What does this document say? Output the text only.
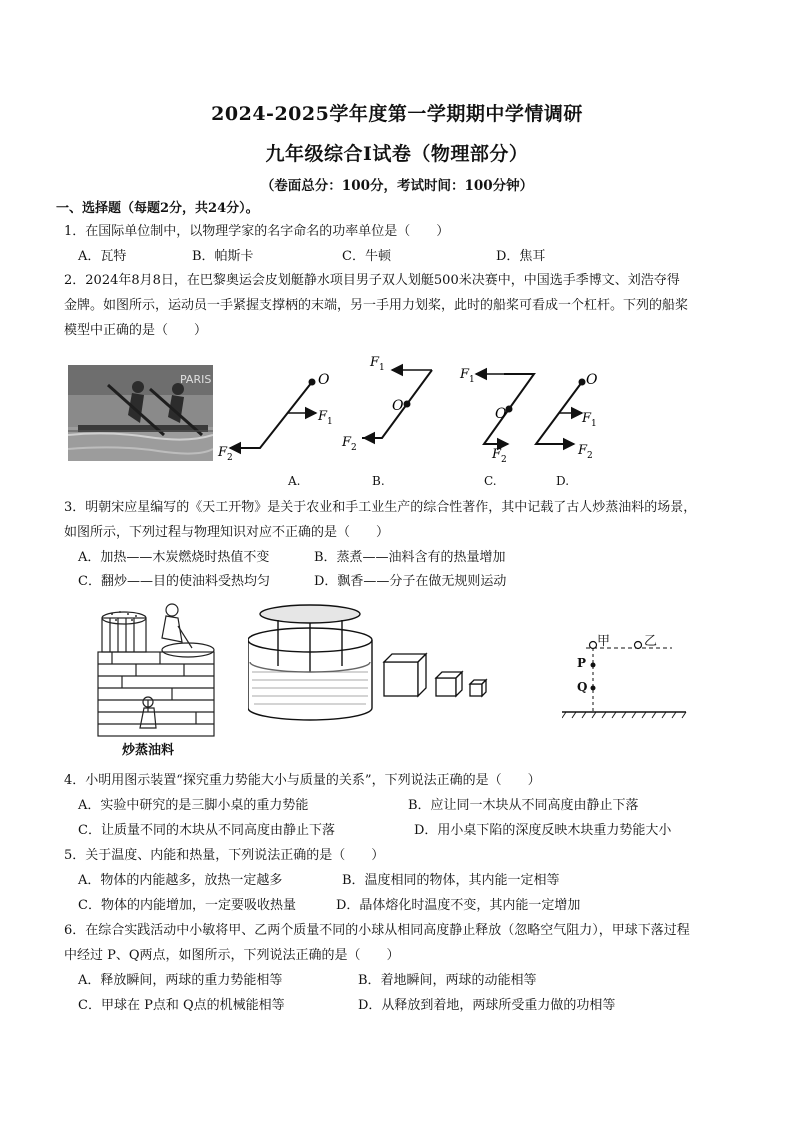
2024-2025学年度第一学期期中学情调研
九年级综合Ⅰ试卷（物理部分）
（卷面总分：100分，考试时间：100分钟）
一、选择题（每题2分，共24分）。
1．在国际单位制中，以物理学家的名字命名的功率单位是（　　）
A．瓦特	B．帕斯卡	C．牛顿	D．焦耳
2．2024年8月8日，在巴黎奥运会皮划艇静水项目男子双人划艇500米决赛中，中国选手季博文、刘浩夺得
金牌。如图所示，运动员一手紧握支撑柄的末端，另一手用力划桨，此时的船桨可看成一个杠杆。下列的船桨
模型中正确的是（　　）
PARIS	O
F 1
F 2
F 1
O
F 2
F 1
O
F 2
O
F 1
F 2
A.	B.	C.	D.
3．明朝宋应星编写的《天工开物》是关于农业和手工业生产的综合性著作，其中记载了古人炒蒸油料的场景，
如图所示，下列过程与物理知识对应不正确的是（　　）
A．加热——木炭燃烧时热值不变	B．蒸煮——油料含有的热量增加
C．翻炒——目的使油料受热均匀	D．飘香——分子在做无规则运动
炒蒸油料
甲	乙
P
Q
4．小明用图示装置“探究重力势能大小与质量的关系”，下列说法正确的是（　　）
A．实验中研究的是三脚小桌的重力势能	B．应让同一木块从不同高度由静止下落
C．让质量不同的木块从不同高度由静止下落	D．用小桌下陷的深度反映木块重力势能大小
5．关于温度、内能和热量，下列说法正确的是（　　）
A．物体的内能越多，放热一定越多	B．温度相同的物体，其内能一定相等
C．物体的内能增加，一定要吸收热量	D．晶体熔化时温度不变，其内能一定增加
6．在综合实践活动中小敏将甲、乙两个质量不同的小球从相同高度静止释放（忽略空气阻力），甲球下落过程
中经过 P、Q两点，如图所示，下列说法正确的是（　　）
A．释放瞬间，两球的重力势能相等	B．着地瞬间，两球的动能相等
C．甲球在 P点和 Q点的机械能相等	D．从释放到着地，两球所受重力做的功相等
